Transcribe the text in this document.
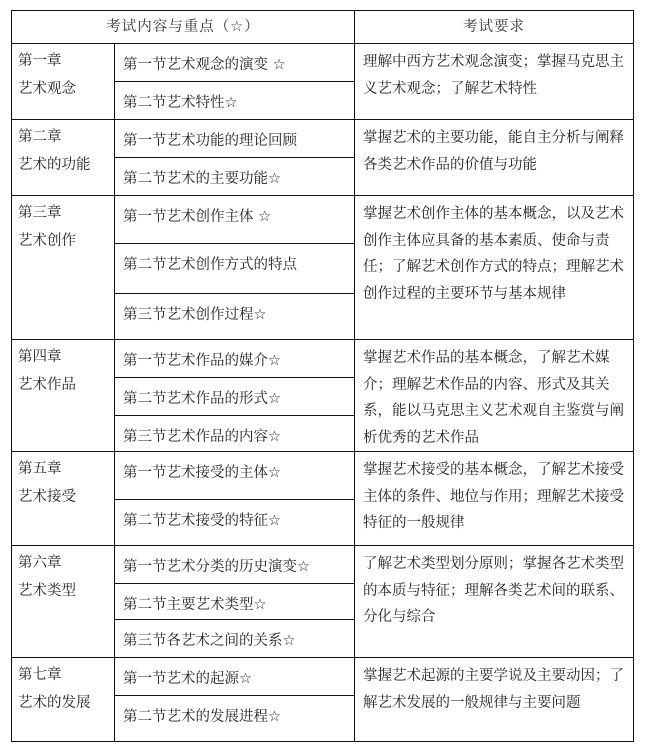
考试内容与重点（☆）		考试要求

第一章
艺术观念	第一节艺术观念的演变 ☆	理解中西方艺术观念演变；掌握马克思主义艺术观念；了解艺术特性
	第二节艺术特性☆	

第二章
艺术的功能	第一节艺术功能的理论回顾	掌握艺术的主要功能，能自主分析与阐释各类艺术作品的价值与功能
	第二节艺术的主要功能☆	

第三章
艺术创作	第一节艺术创作主体 ☆	掌握艺术创作主体的基本概念，以及艺术创作主体应具备的基本素质、使命与责任；了解艺术创作方式的特点；理解艺术创作过程的主要环节与基本规律
	第二节艺术创作方式的特点	
	第三节艺术创作过程☆	

第四章
艺术作品	第一节艺术作品的媒介☆	掌握艺术作品的基本概念，了解艺术媒介；理解艺术作品的内容、形式及其关系，能以马克思主义艺术观自主鉴赏与阐析优秀的艺术作品
	第二节艺术作品的形式☆	
	第三节艺术作品的内容☆	

第五章
艺术接受	第一节艺术接受的主体☆	掌握艺术接受的基本概念，了解艺术接受主体的条件、地位与作用；理解艺术接受特征的一般规律
	第二节艺术接受的特征☆	

第六章
艺术类型	第一节艺术分类的历史演变☆	了解艺术类型划分原则；掌握各艺术类型的本质与特征；理解各类艺术间的联系、分化与综合
	第二节主要艺术类型☆	
	第三节各艺术之间的关系☆	

第七章
艺术的发展	第一节艺术的起源☆	掌握艺术起源的主要学说及主要动因；了解艺术发展的一般规律与主要问题
	第二节艺术的发展进程☆	
